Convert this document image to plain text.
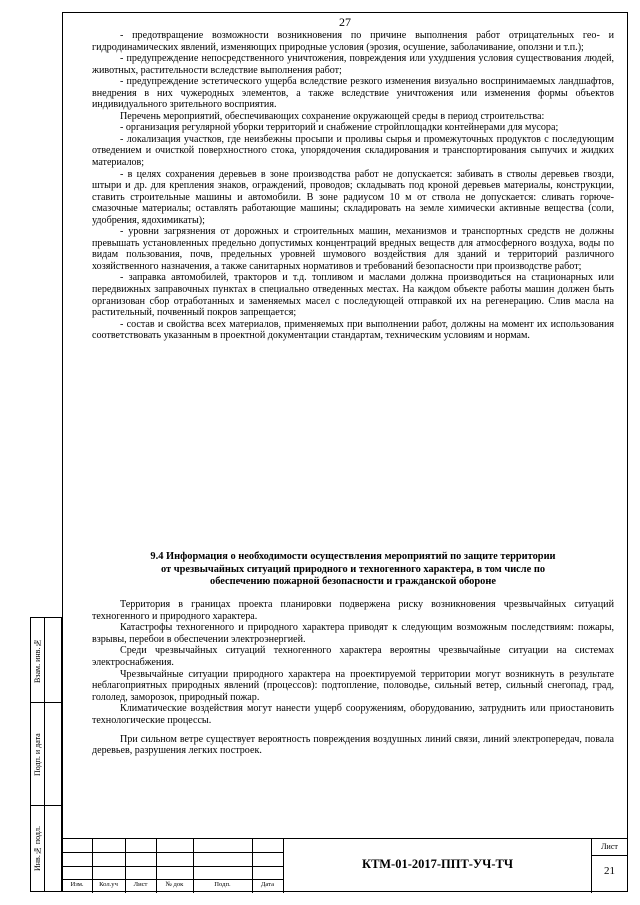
Взам. инв.№
Подп. и дата
Инв.№ подл.
27

- предотвращение возможности возникновения по причине выполнения работ отрицательных гео- и гидродинамических явлений, изменяющих природные условия (эрозия, осушение, заболачивание, оползни и т.п.);

- предупреждение непосредственного уничтожения, повреждения или ухудшения условия существования людей, животных, растительности вследствие выполнения работ;

- предупреждение эстетического ущерба вследствие резкого изменения визуально воспринимаемых ландшафтов, внедрения в них чужеродных элементов, а также вследствие уничтожения или изменения формы объектов индивидуального зрительного восприятия.

Перечень мероприятий, обеспечивающих сохранение окружающей среды в период строительства:

- организация регулярной уборки территорий и снабжение стройплощадки контейнерами для мусора;

- локализация участков, где неизбежны просыпи и проливы сырья и промежуточных продуктов с последующим отведением и очисткой поверхностного стока, упорядочения складирования и транспортирования сыпучих и жидких материалов;

- в целях сохранения деревьев в зоне производства работ не допускается: забивать в стволы деревьев гвозди, штыри и др. для крепления знаков, ограждений, проводов; складывать под кроной деревьев материалы, конструкции, ставить строительные машины и автомобили. В зоне радиусом 10 м от ствола не допускается: сливать горюче-смазочные материалы; оставлять работающие машины; складировать на земле химически активные вещества (соли, удобрения, ядохимикаты);

- уровни загрязнения от дорожных и строительных машин, механизмов и транспортных средств не должны превышать установленных предельно допустимых концентраций вредных веществ для атмосферного воздуха, воды по видам пользования, почв, предельных уровней шумового воздействия для зданий и территорий различного хозяйственного назначения, а также санитарных нормативов и требований безопасности при производстве работ;

- заправка автомобилей, тракторов и т.д. топливом и маслами должна производиться на стационарных или передвижных заправочных пунктах в специально отведенных местах. На каждом объекте работы машин должен быть организован сбор отработанных и заменяемых масел с последующей отправкой их на регенерацию. Слив масла на растительный, почвенный покров запрещается;

- состав и свойства всех материалов, применяемых при выполнении работ, должны на момент их использования соответствовать указанным в проектной документации стандартам, техническим условиям и нормам.

9.4 Информация о необходимости осуществления мероприятий по защите территории
от чрезвычайных ситуаций природного и техногенного характера, в том числе по
обеспечению пожарной безопасности и гражданской обороне

Территория в границах проекта планировки подвержена риску возникновения чрезвычайных ситуаций техногенного и природного характера.

Катастрофы техногенного и природного характера приводят к следующим возможным последствиям: пожары, взрывы, перебои в обеспечении электроэнергией.

Среди чрезвычайных ситуаций техногенного характера вероятны чрезвычайные ситуации на системах электроснабжения.

Чрезвычайные ситуации природного характера на проектируемой территории могут возникнуть в результате неблагоприятных природных явлений (процессов): подтопление, половодье, сильный ветер, сильный снегопад, град, гололед, заморозок, природный пожар.

Климатические воздействия могут нанести ущерб сооружениям, оборудованию, затруднить или приостановить технологические процессы.

При сильном ветре существует вероятность повреждения воздушных линий связи, линий электропередач, повала деревьев, разрушения легких построек.

Изм.	Кол.уч	Лист	№ док	Подп.	Дата
КТМ-01-2017-ППТ-УЧ-ТЧ
Лист
21
